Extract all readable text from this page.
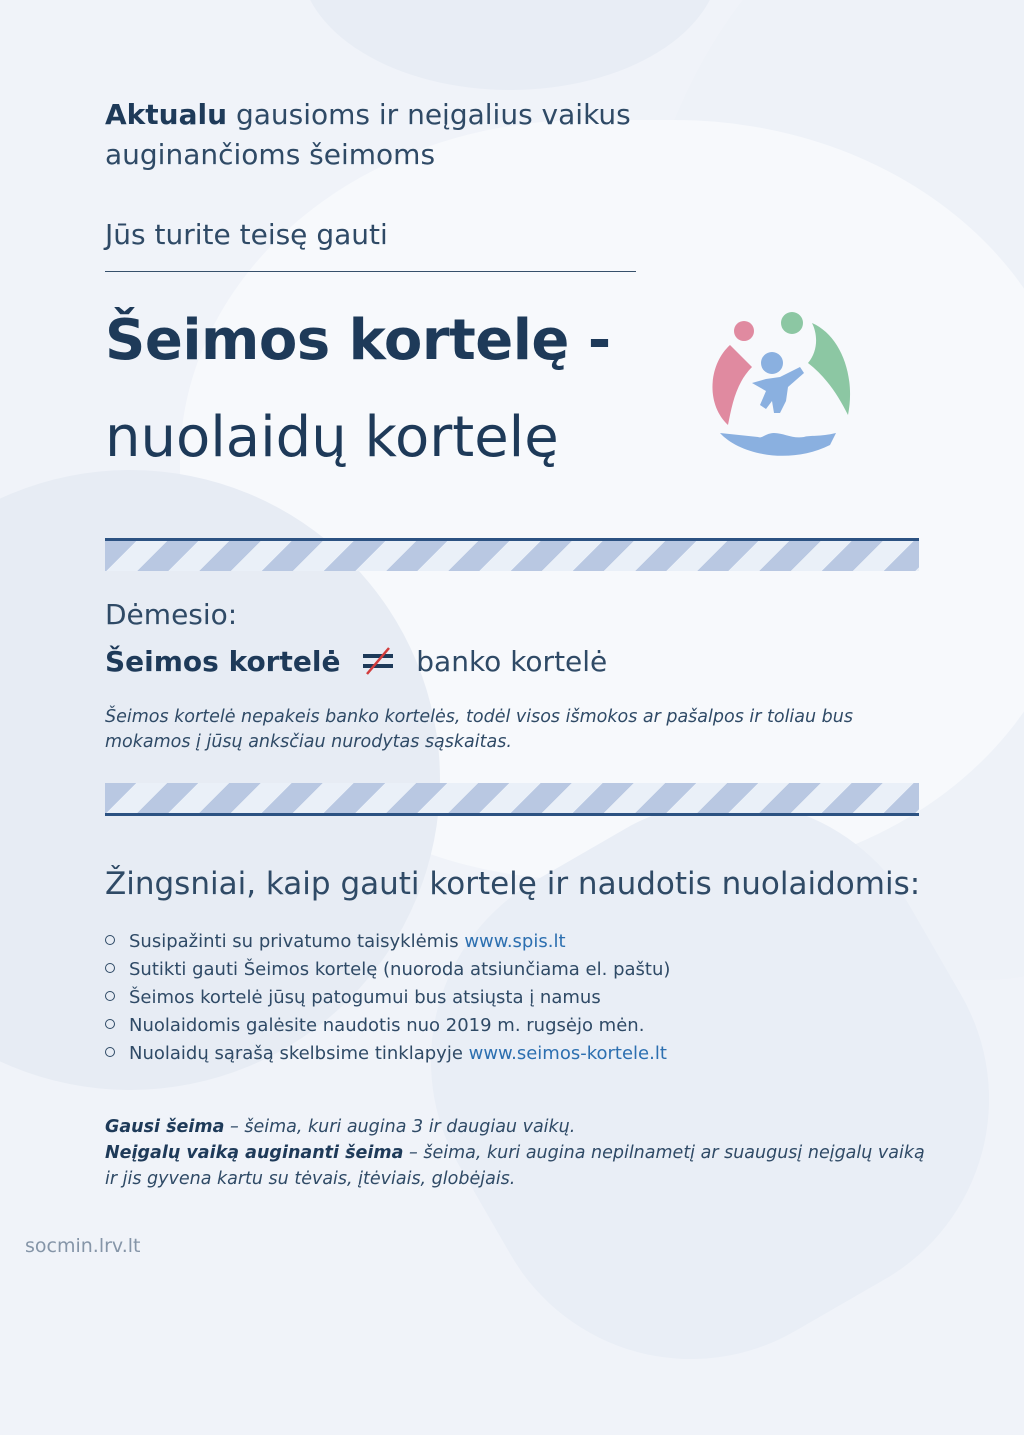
Aktualu gausioms ir neįgalius vaikus auginančioms šeimoms
Jūs turite teisę gauti
Šeimos kortelę -
nuolaidų kortelę
Dėmesio:
Šeimos kortelė	banko kortelė
Šeimos kortelė nepakeis banko kortelės, todėl visos išmokos ar pašalpos ir toliau bus mokamos į jūsų anksčiau nurodytas sąskaitas.
Žingsniai, kaip gauti kortelę ir naudotis nuolaidomis:
Susipažinti su privatumo taisyklėmis www.spis.lt
Sutikti gauti Šeimos kortelę (nuoroda atsiunčiama el. paštu)
Šeimos kortelė jūsų patogumui bus atsiųsta į namus
Nuolaidomis galėsite naudotis nuo 2019 m. rugsėjo mėn.
Nuolaidų sąrašą skelbsime tinklapyje www.seimos-kortele.lt
Gausi šeima – šeima, kuri augina 3 ir daugiau vaikų.
Neįgalų vaiką auginanti šeima – šeima, kuri augina nepilnametį ar suaugusį neįgalų vaiką ir jis gyvena kartu su tėvais, įtėviais, globėjais.
socmin.lrv.lt
